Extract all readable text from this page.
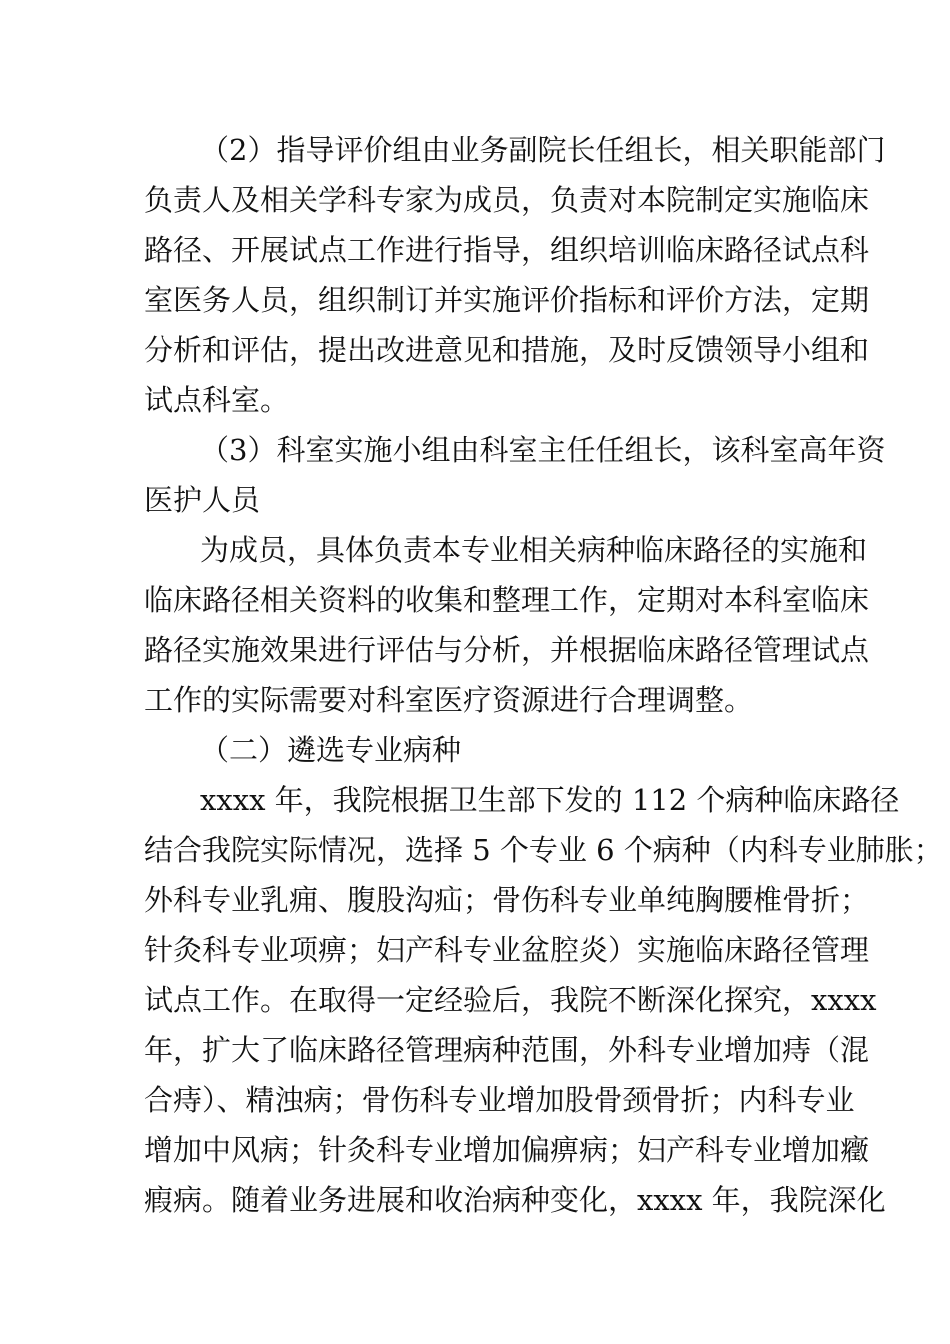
（2）指导评价组由业务副院长任组长，相关职能部门
负责人及相关学科专家为成员，负责对本院制定实施临床
路径、开展试点工作进行指导，组织培训临床路径试点科
室医务人员，组织制订并实施评价指标和评价方法，定期
分析和评估，提出改进意见和措施，及时反馈领导小组和
试点科室。
（3）科室实施小组由科室主任任组长，该科室高年资
医护人员
为成员，具体负责本专业相关病种临床路径的实施和
临床路径相关资料的收集和整理工作，定期对本科室临床
路径实施效果进行评估与分析，并根据临床路径管理试点
工作的实际需要对科室医疗资源进行合理调整。
（二）遴选专业病种
xxxx 年，我院根据卫生部下发的 112 个病种临床路径
结合我院实际情况，选择 5 个专业 6 个病种（内科专业肺胀；
外科专业乳痈、腹股沟疝；骨伤科专业单纯胸腰椎骨折；
针灸科专业项痹；妇产科专业盆腔炎）实施临床路径管理
试点工作。在取得一定经验后，我院不断深化探究，xxxx
年，扩大了临床路径管理病种范围，外科专业增加痔（混
合痔）、精浊病；骨伤科专业增加股骨颈骨折；内科专业
增加中风病；针灸科专业增加偏痹病；妇产科专业增加癥
瘕病。随着业务进展和收治病种变化，xxxx 年，我院深化
